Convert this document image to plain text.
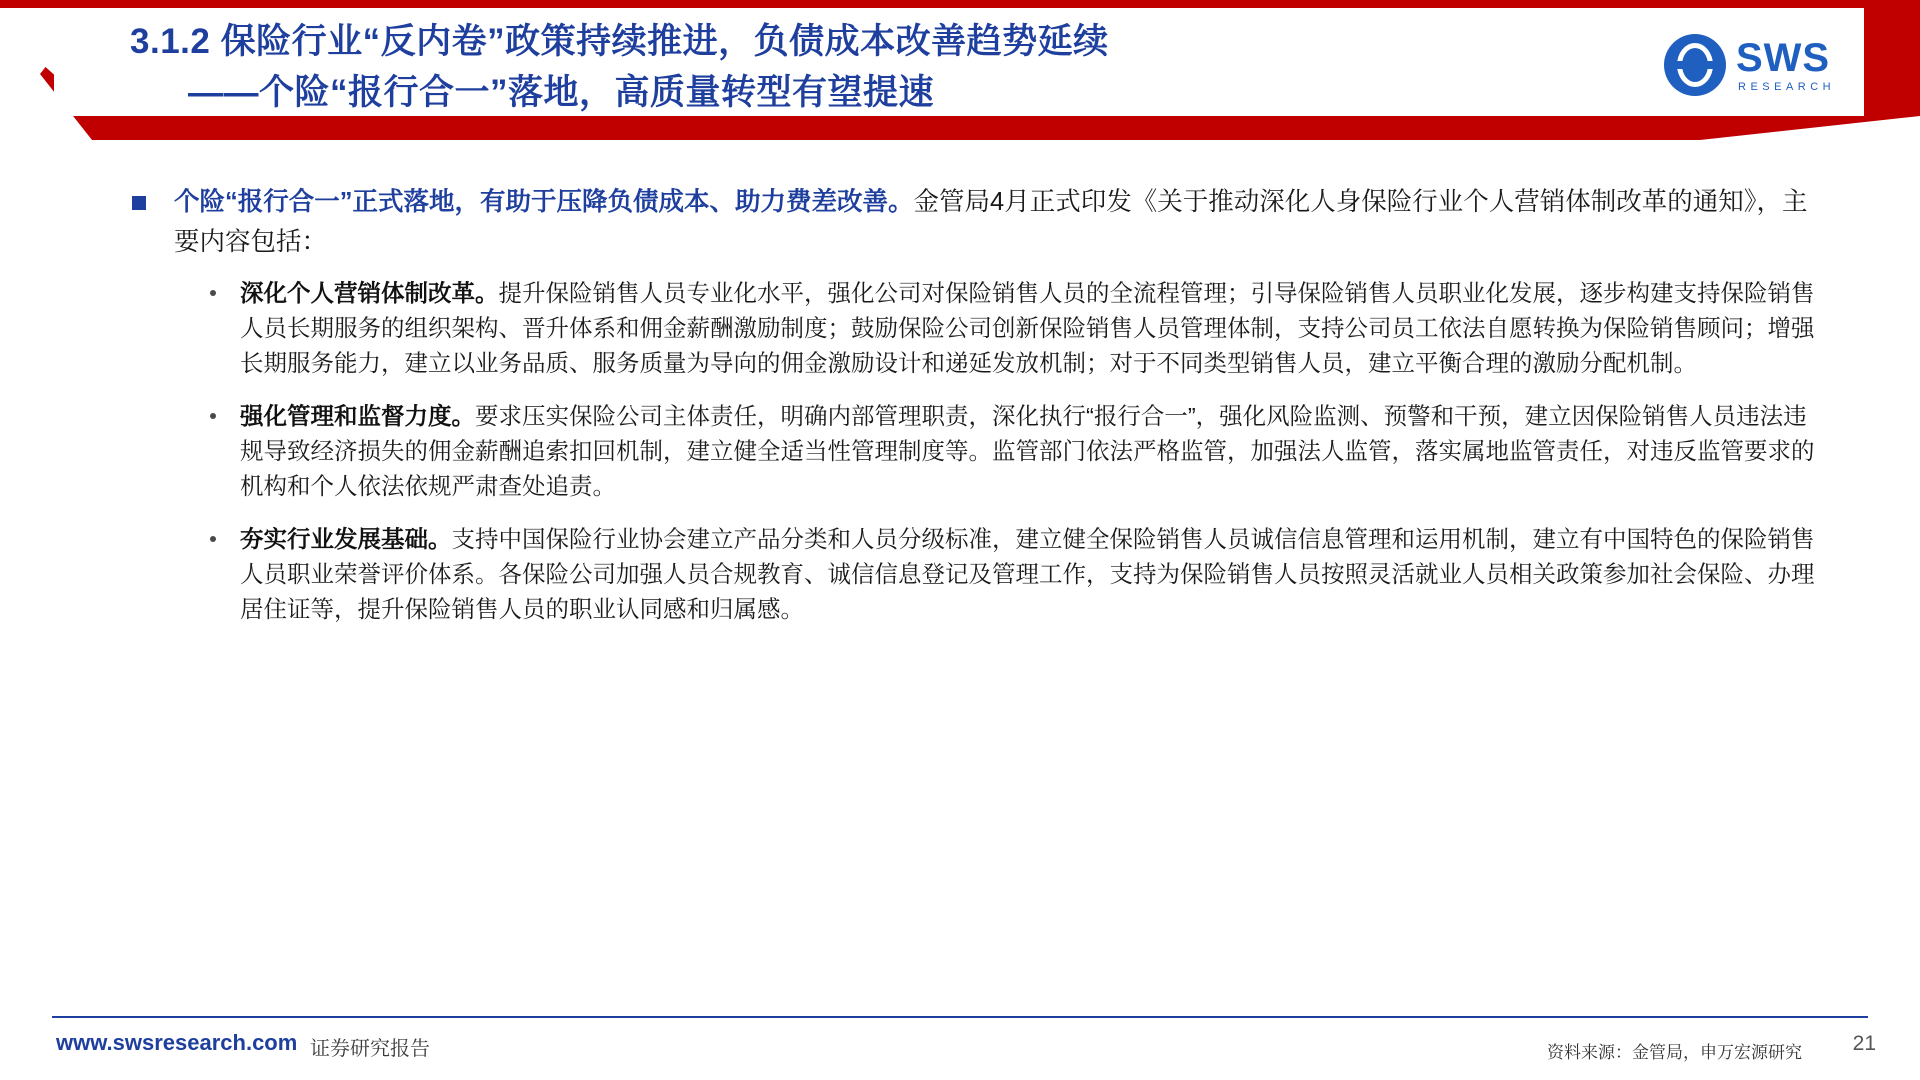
3.1.2 保险行业“反内卷”政策持续推进，负债成本改善趋势延续
——个险“报行合一”落地，高质量转型有望提速
SWS
RESEARCH
个险“报行合一”正式落地，有助于压降负债成本、助力费差改善。金管局4月正式印发《关于推动深化人身保险行业个人营销体制改革的通知》，主要内容包括：
深化个人营销体制改革。提升保险销售人员专业化水平，强化公司对保险销售人员的全流程管理；引导保险销售人员职业化发展，逐步构建支持保险销售人员长期服务的组织架构、晋升体系和佣金薪酬激励制度；鼓励保险公司创新保险销售人员管理体制，支持公司员工依法自愿转换为保险销售顾问；增强长期服务能力，建立以业务品质、服务质量为导向的佣金激励设计和递延发放机制；对于不同类型销售人员，建立平衡合理的激励分配机制。
强化管理和监督力度。要求压实保险公司主体责任，明确内部管理职责，深化执行“报行合一”，强化风险监测、预警和干预，建立因保险销售人员违法违规导致经济损失的佣金薪酬追索扣回机制，建立健全适当性管理制度等。监管部门依法严格监管，加强法人监管，落实属地监管责任，对违反监管要求的机构和个人依法依规严肃查处追责。
夯实行业发展基础。支持中国保险行业协会建立产品分类和人员分级标准，建立健全保险销售人员诚信信息管理和运用机制，建立有中国特色的保险销售人员职业荣誉评价体系。各保险公司加强人员合规教育、诚信信息登记及管理工作，支持为保险销售人员按照灵活就业人员相关政策参加社会保险、办理居住证等，提升保险销售人员的职业认同感和归属感。
www.swsresearch.com 证券研究报告	资料来源：金管局，申万宏源研究 21
